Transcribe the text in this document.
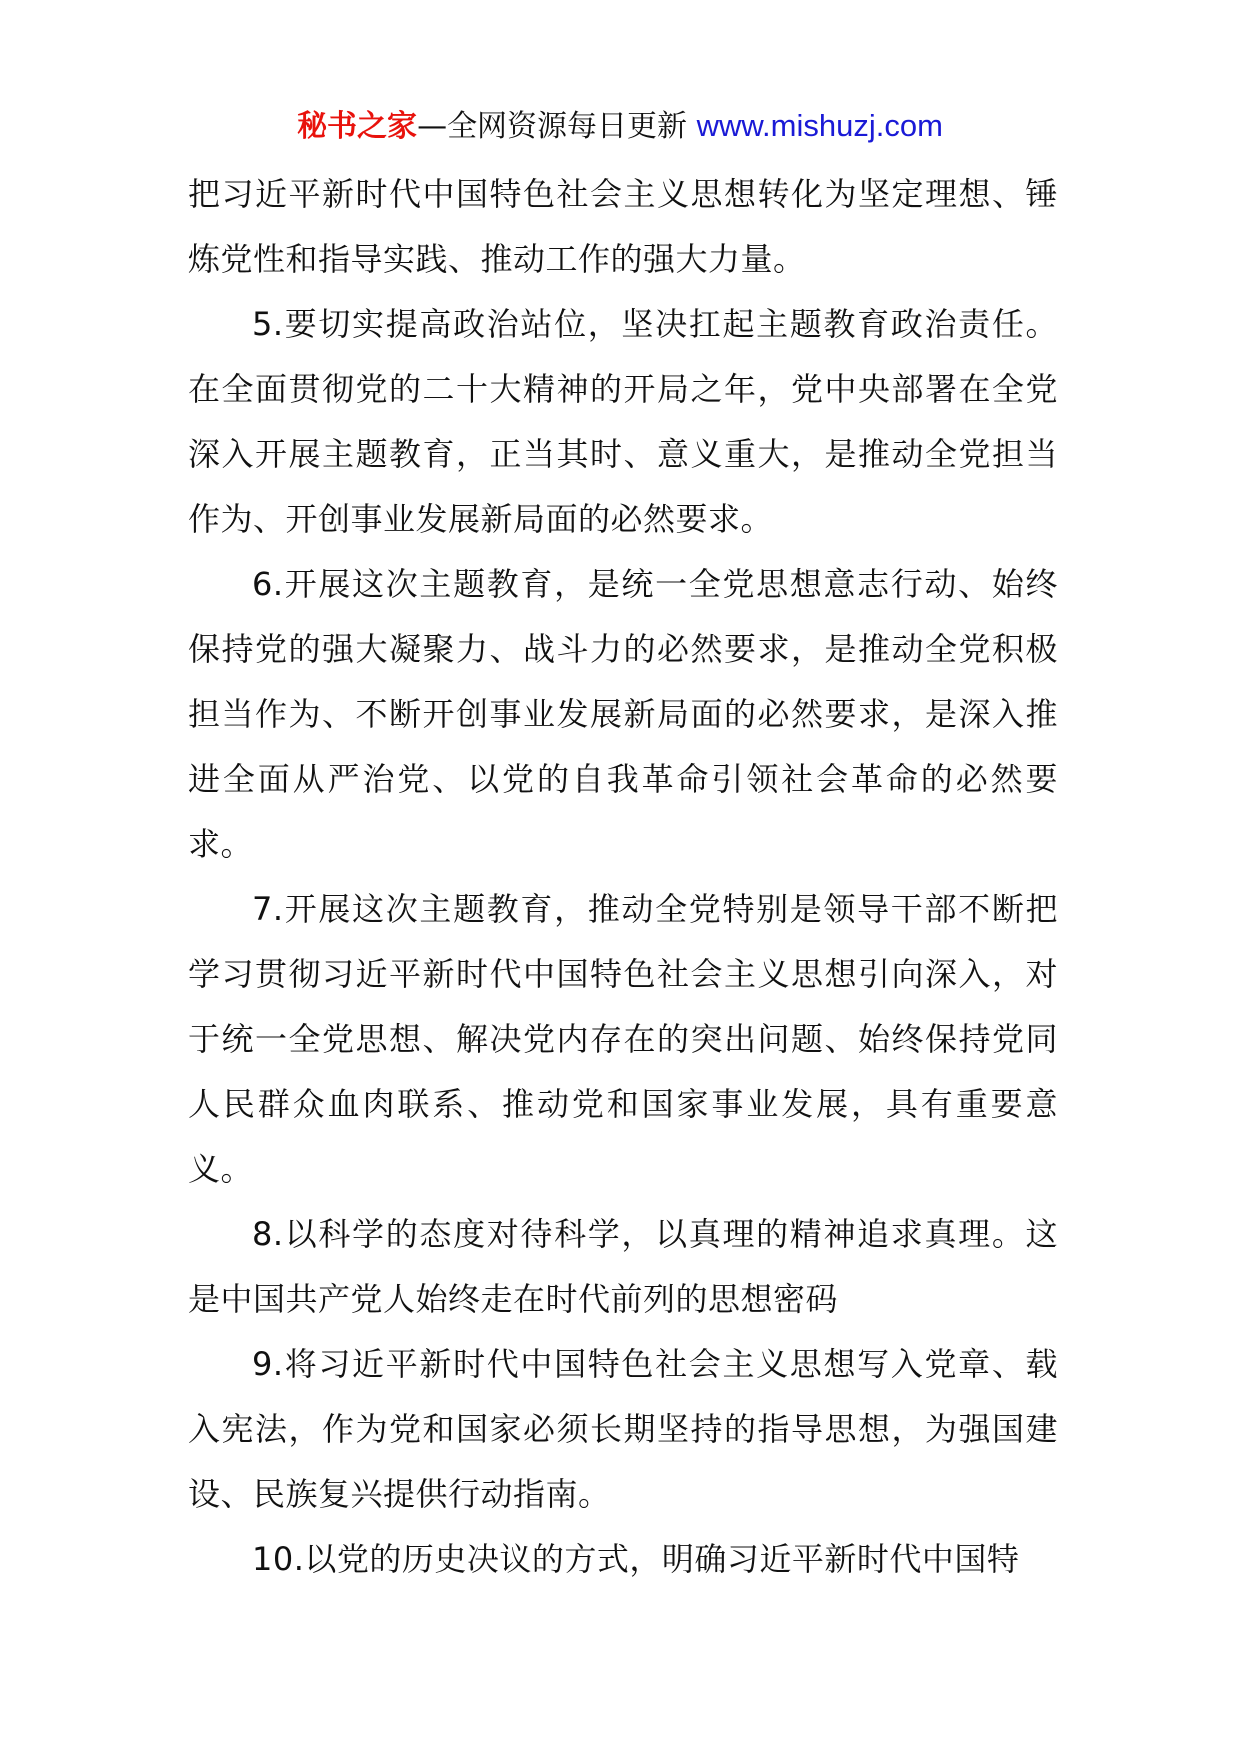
秘书之家—全网资源每日更新 www.mishuzj.com

把习近平新时代中国特色社会主义思想转化为坚定理想、锤炼党性和指导实践、推动工作的强大力量。

5.要切实提高政治站位，坚决扛起主题教育政治责任。在全面贯彻党的二十大精神的开局之年，党中央部署在全党深入开展主题教育，正当其时、意义重大，是推动全党担当作为、开创事业发展新局面的必然要求。

6.开展这次主题教育，是统一全党思想意志行动、始终保持党的强大凝聚力、战斗力的必然要求，是推动全党积极担当作为、不断开创事业发展新局面的必然要求，是深入推进全面从严治党、以党的自我革命引领社会革命的必然要求。

7.开展这次主题教育，推动全党特别是领导干部不断把学习贯彻习近平新时代中国特色社会主义思想引向深入，对于统一全党思想、解决党内存在的突出问题、始终保持党同人民群众血肉联系、推动党和国家事业发展，具有重要意义。

8.以科学的态度对待科学，以真理的精神追求真理。这是中国共产党人始终走在时代前列的思想密码

9.将习近平新时代中国特色社会主义思想写入党章、载入宪法，作为党和国家必须长期坚持的指导思想，为强国建设、民族复兴提供行动指南。

10.以党的历史决议的方式，明确习近平新时代中国特
